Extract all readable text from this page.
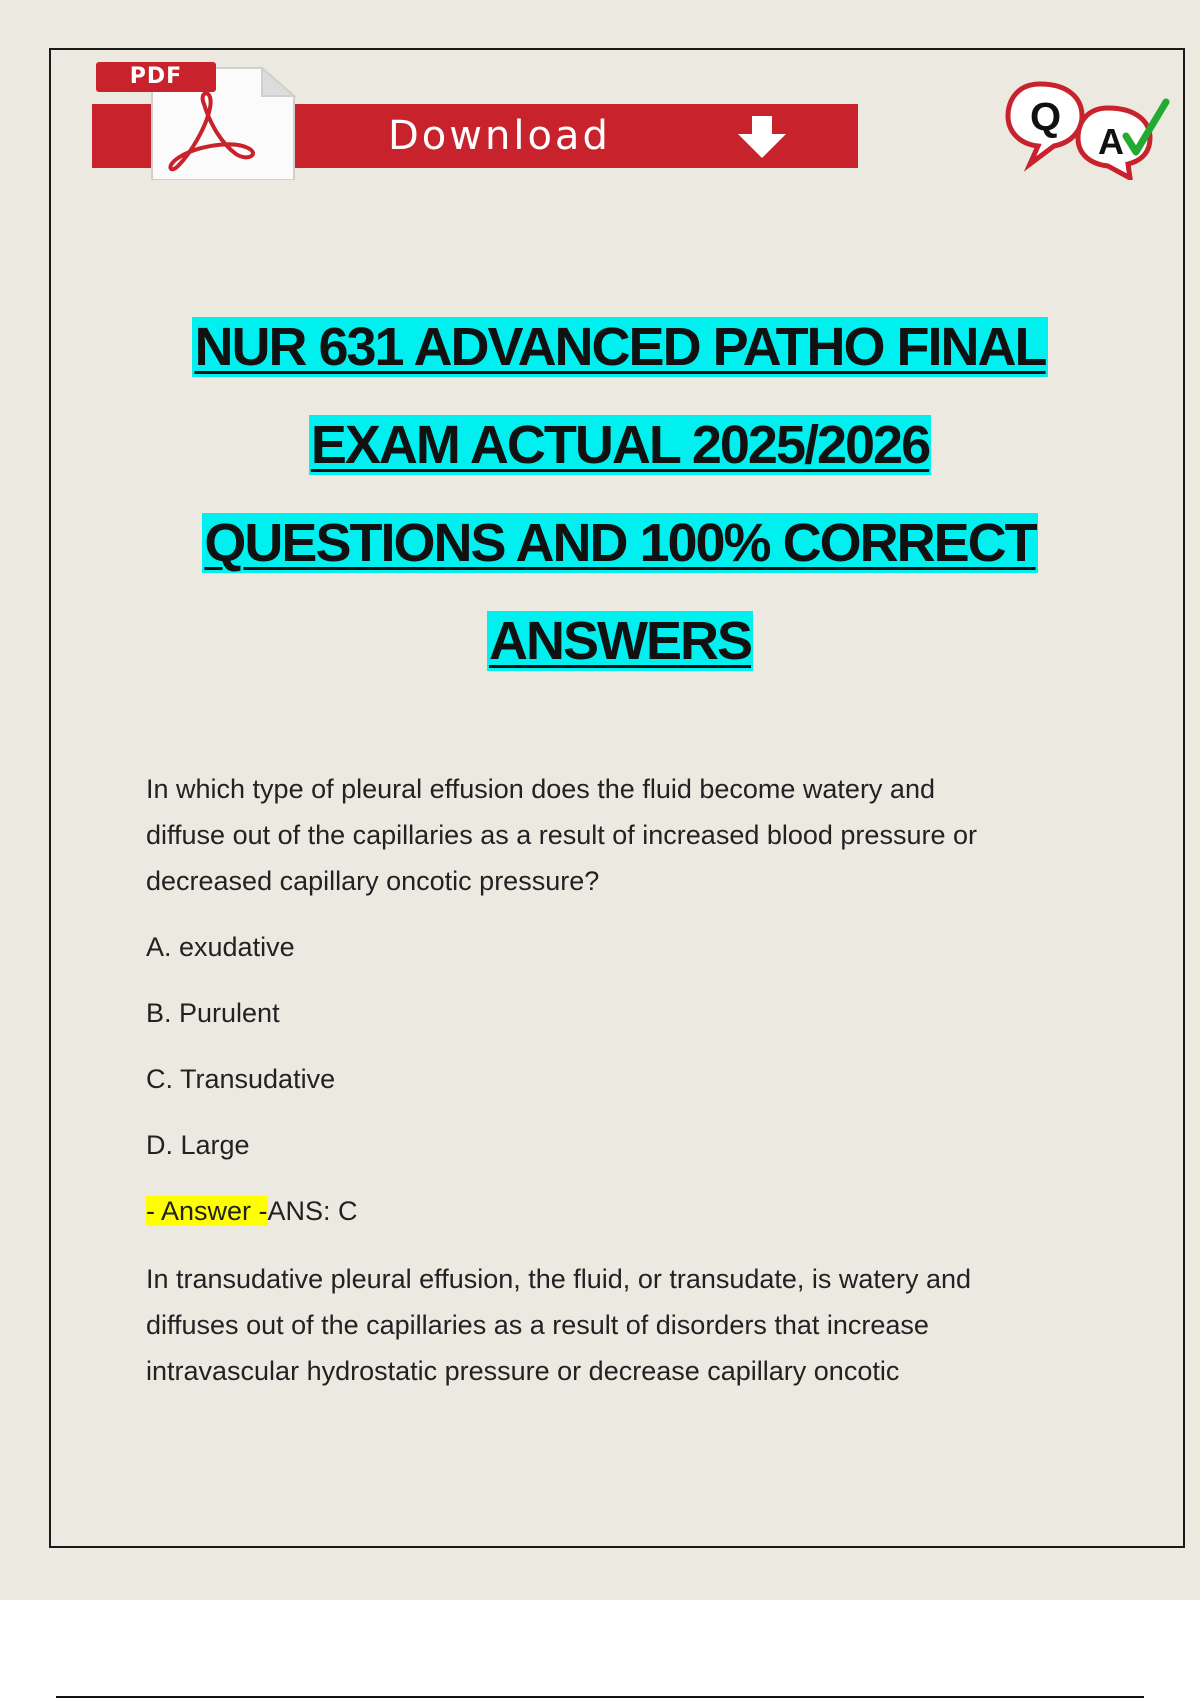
PDF
Download	Q
A
NUR 631 ADVANCED PATHO FINAL
EXAM ACTUAL 2025/2026
QUESTIONS AND 100% CORRECT
ANSWERS

In which type of pleural effusion does the fluid become watery and
diffuse out of the capillaries as a result of increased blood pressure or
decreased capillary oncotic pressure?

A. exudative

B. Purulent

C. Transudative

D. Large

- Answer -ANS: C

In transudative pleural effusion, the fluid, or transudate, is watery and
diffuses out of the capillaries as a result of disorders that increase
intravascular hydrostatic pressure or decrease capillary oncotic
